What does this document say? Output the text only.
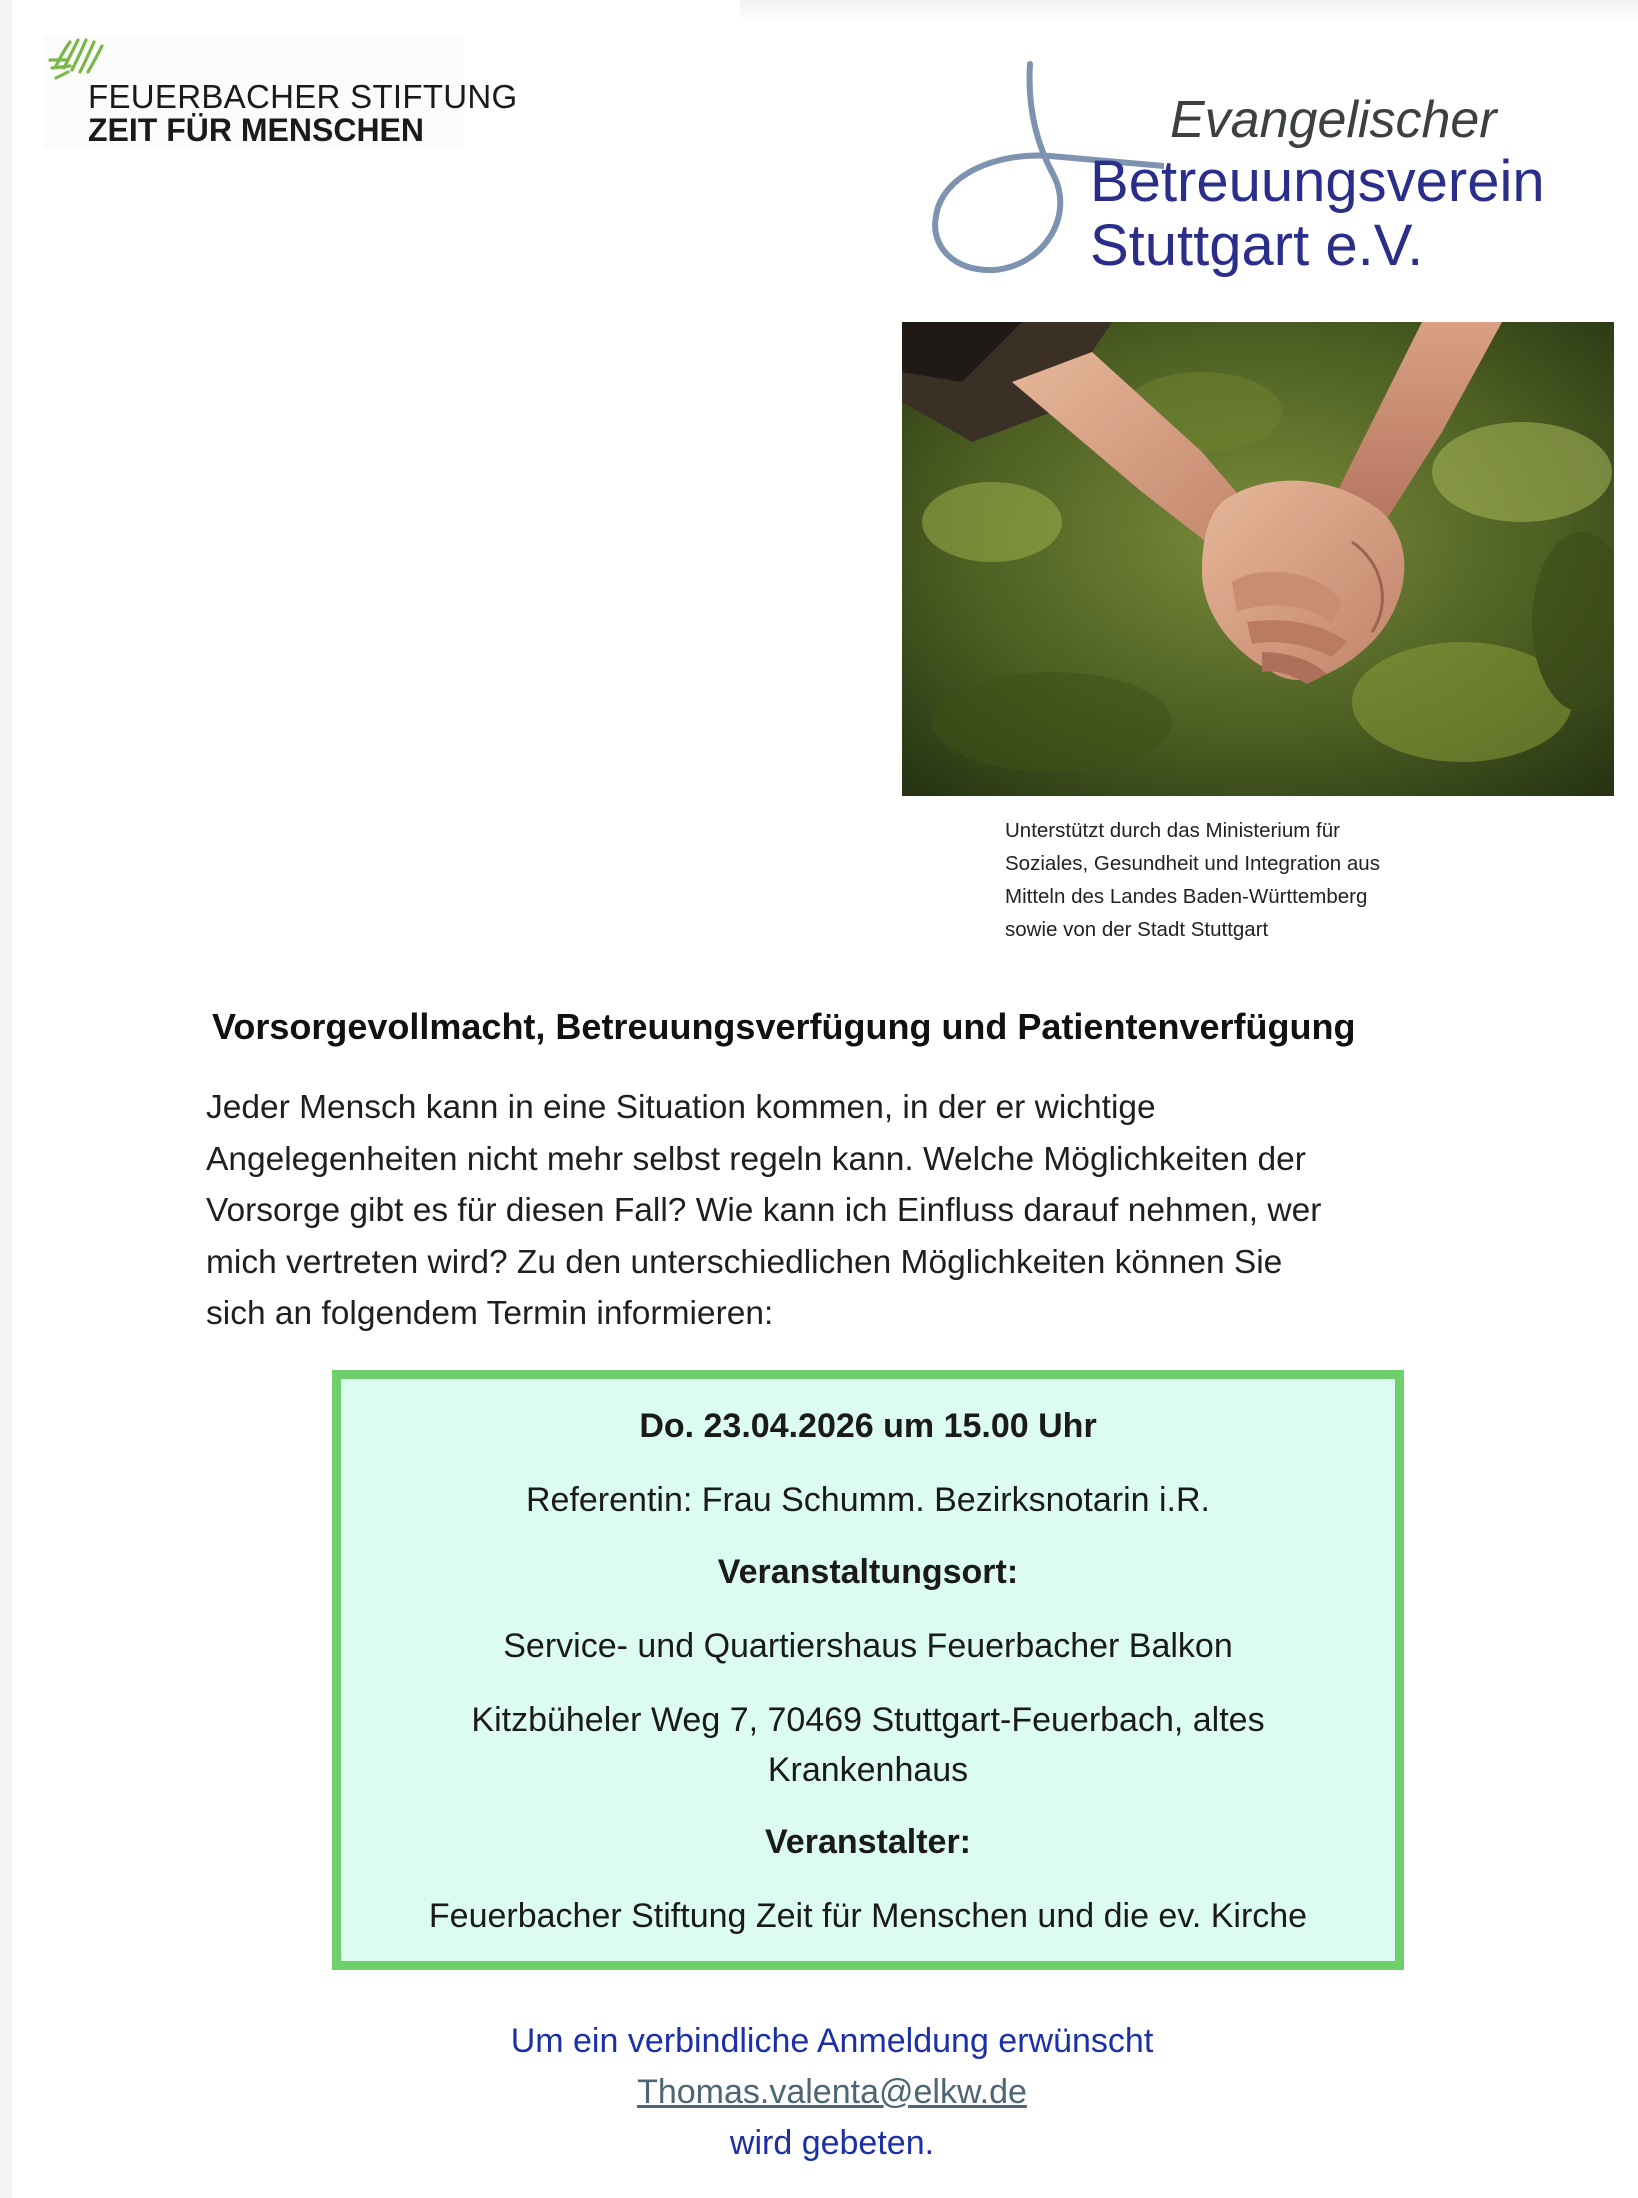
FEUERBACHER STIFTUNG
ZEIT FÜR MENSCHEN	Evangelischer
Betreuungsverein
Stuttgart e.V.
Unterstützt durch das Ministerium für
Soziales, Gesundheit und Integration aus
Mitteln des Landes Baden-Württemberg
sowie von der Stadt Stuttgart
Vorsorgevollmacht, Betreuungsverfügung und Patientenverfügung
Jeder Mensch kann in eine Situation kommen, in der er wichtige
Angelegenheiten nicht mehr selbst regeln kann. Welche Möglichkeiten der
Vorsorge gibt es für diesen Fall? Wie kann ich Einfluss darauf nehmen, wer
mich vertreten wird? Zu den unterschiedlichen Möglichkeiten können Sie
sich an folgendem Termin informieren:
Do. 23.04.2026 um 15.00 Uhr
Referentin: Frau Schumm. Bezirksnotarin i.R.
Veranstaltungsort:
Service- und Quartiershaus Feuerbacher Balkon
Kitzbüheler Weg 7, 70469 Stuttgart-Feuerbach, altes
Krankenhaus
Veranstalter:
Feuerbacher Stiftung Zeit für Menschen und die ev. Kirche
Um ein verbindliche Anmeldung erwünscht
Thomas.valenta@elkw.de
wird gebeten.
